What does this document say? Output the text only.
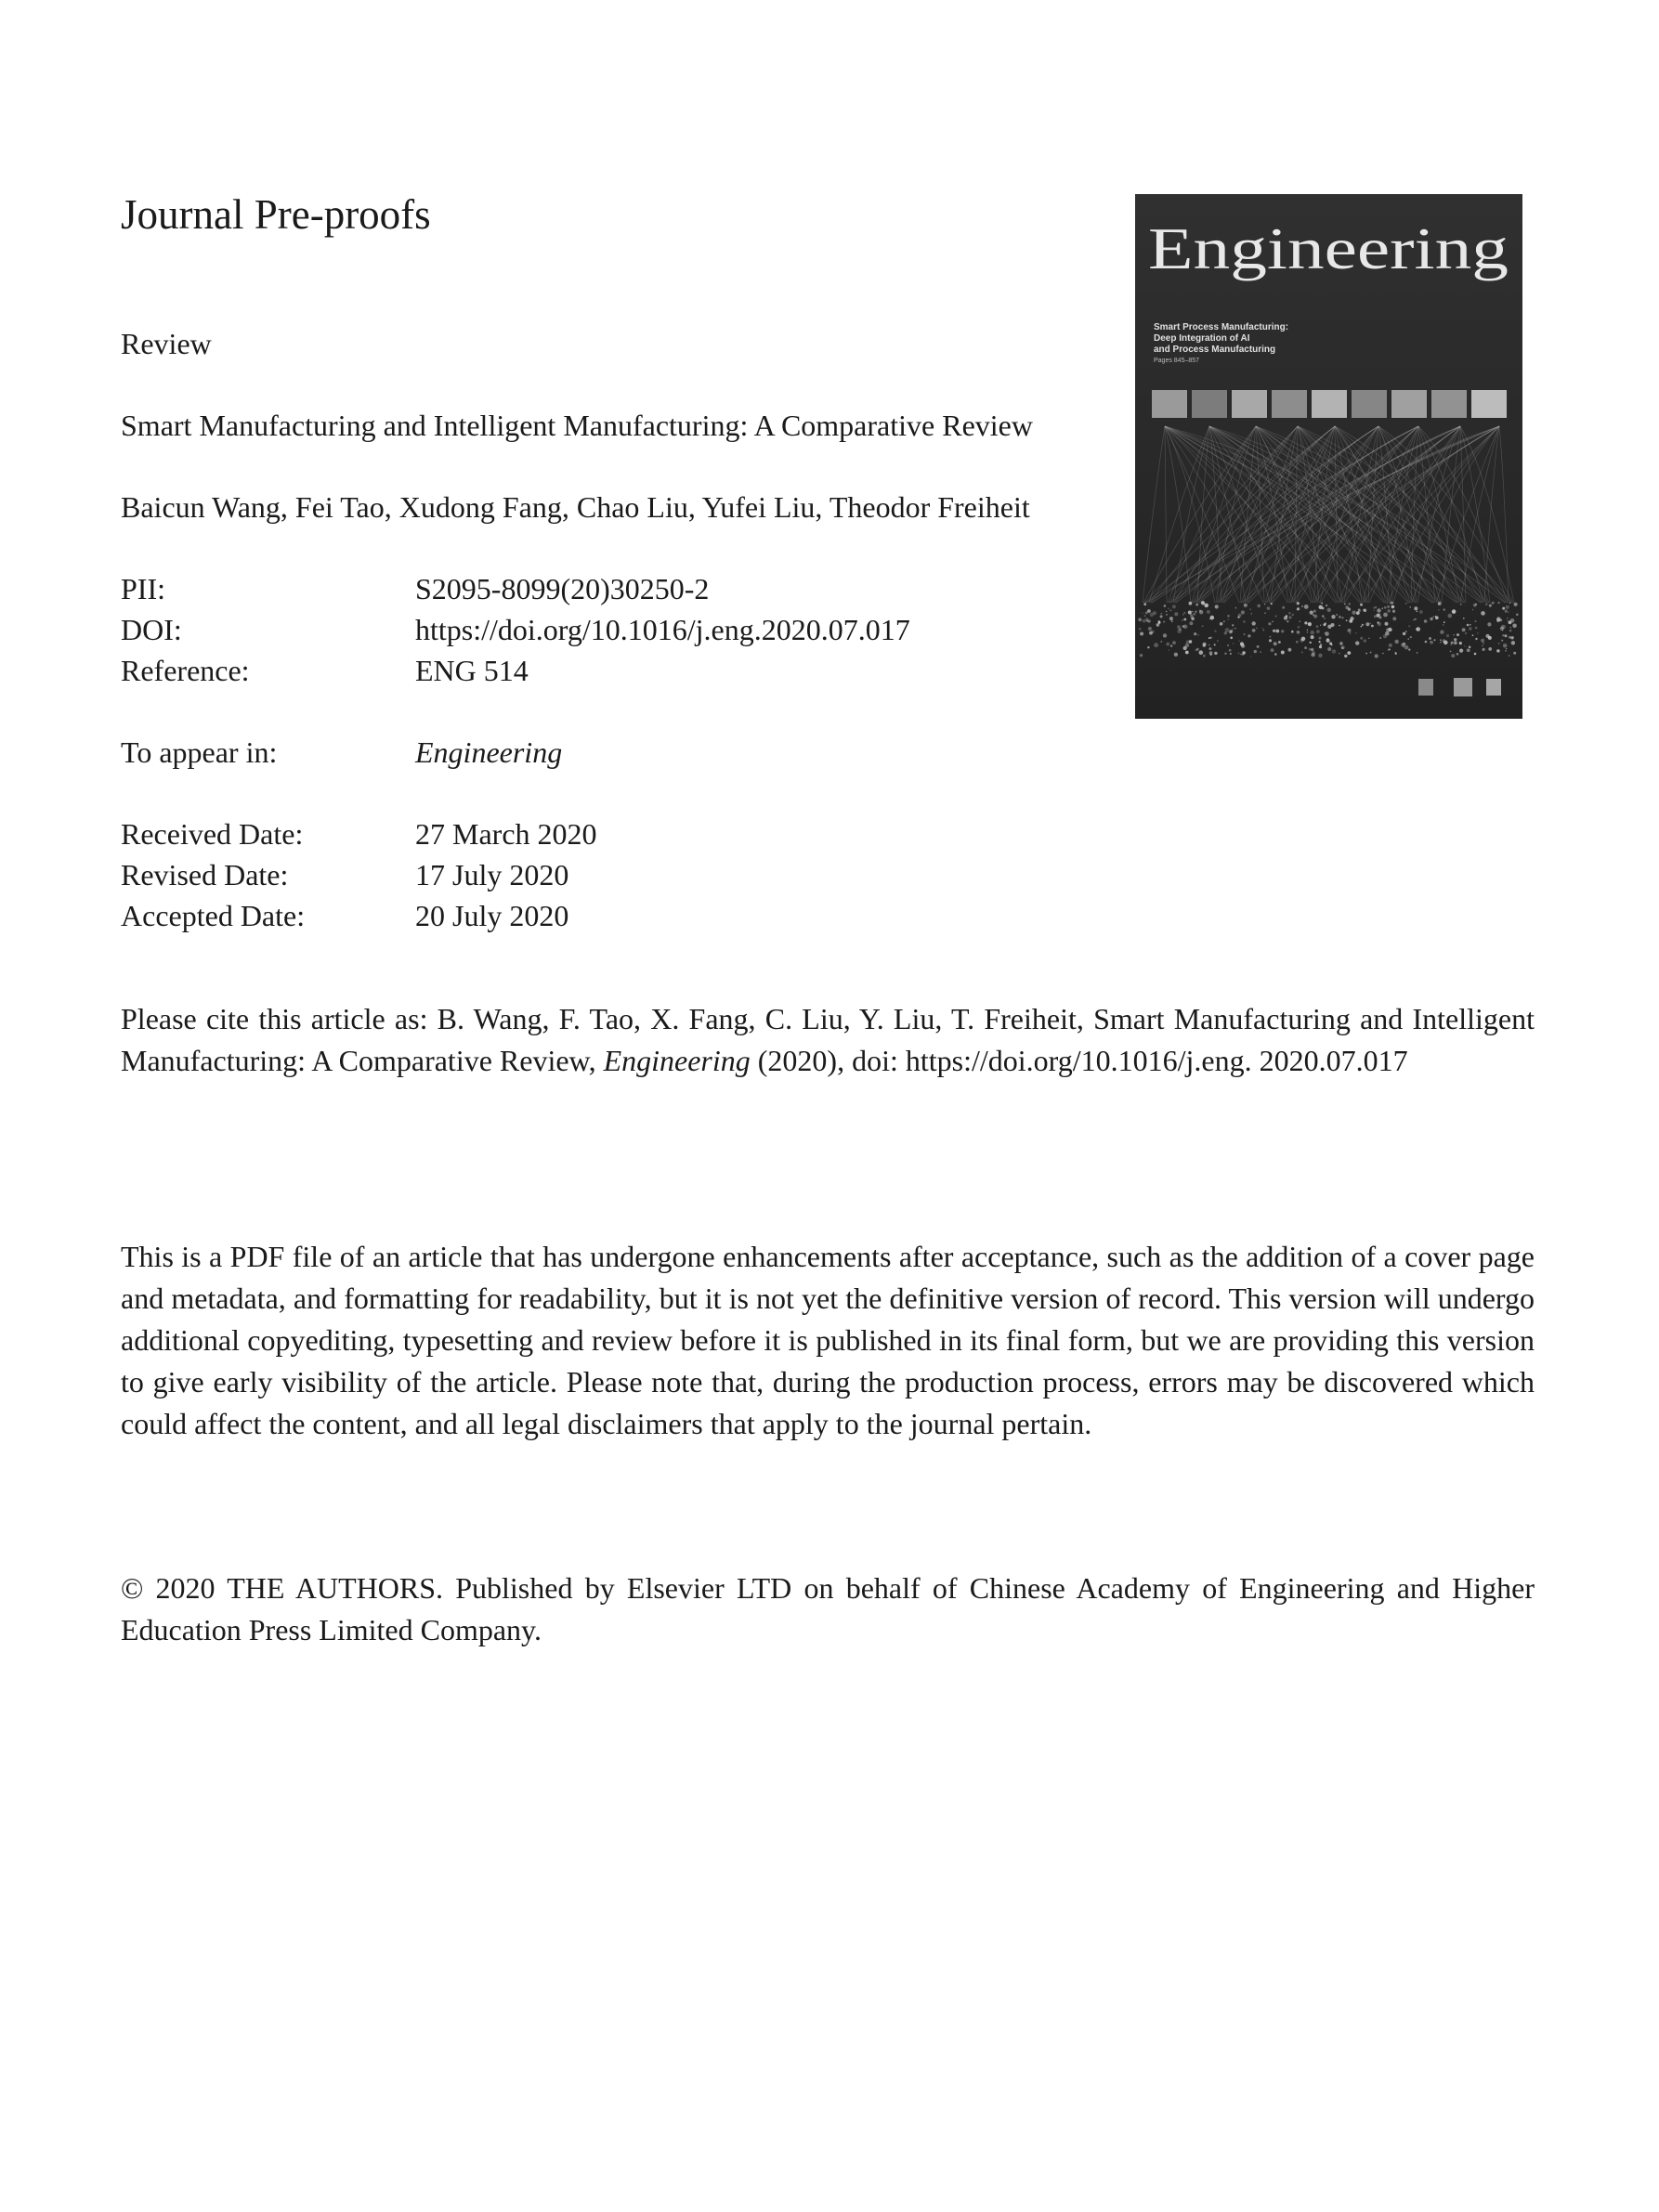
Journal Pre-proofs
Review
Smart Manufacturing and Intelligent Manufacturing: A Comparative Review
Baicun Wang, Fei Tao, Xudong Fang, Chao Liu, Yufei Liu, Theodor Freiheit
PII:	S2095-8099(20)30250-2
DOI:	https://doi.org/10.1016/j.eng.2020.07.017
Reference:	ENG 514
To appear in:	Engineering
Received Date:	27 March 2020
Revised Date:	17 July 2020
Accepted Date:	20 July 2020
Please cite this article as: B. Wang, F. Tao, X. Fang, C. Liu, Y. Liu, T. Freiheit, Smart Manufacturing and Intelligent Manufacturing: A Comparative Review, Engineering (2020), doi: https://doi.org/10.1016/j.eng. 2020.07.017
This is a PDF file of an article that has undergone enhancements after acceptance, such as the addition of a cover page and metadata, and formatting for readability, but it is not yet the definitive version of record. This version will undergo additional copyediting, typesetting and review before it is published in its final form, but we are providing this version to give early visibility of the article. Please note that, during the production process, errors may be discovered which could affect the content, and all legal disclaimers that apply to the journal pertain.
© 2020 THE AUTHORS. Published by Elsevier LTD on behalf of Chinese Academy of Engineering and Higher Education Press Limited Company.
Engineering
Smart Process Manufacturing:
Deep Integration of AI
and Process Manufacturing
Pages 845–857
